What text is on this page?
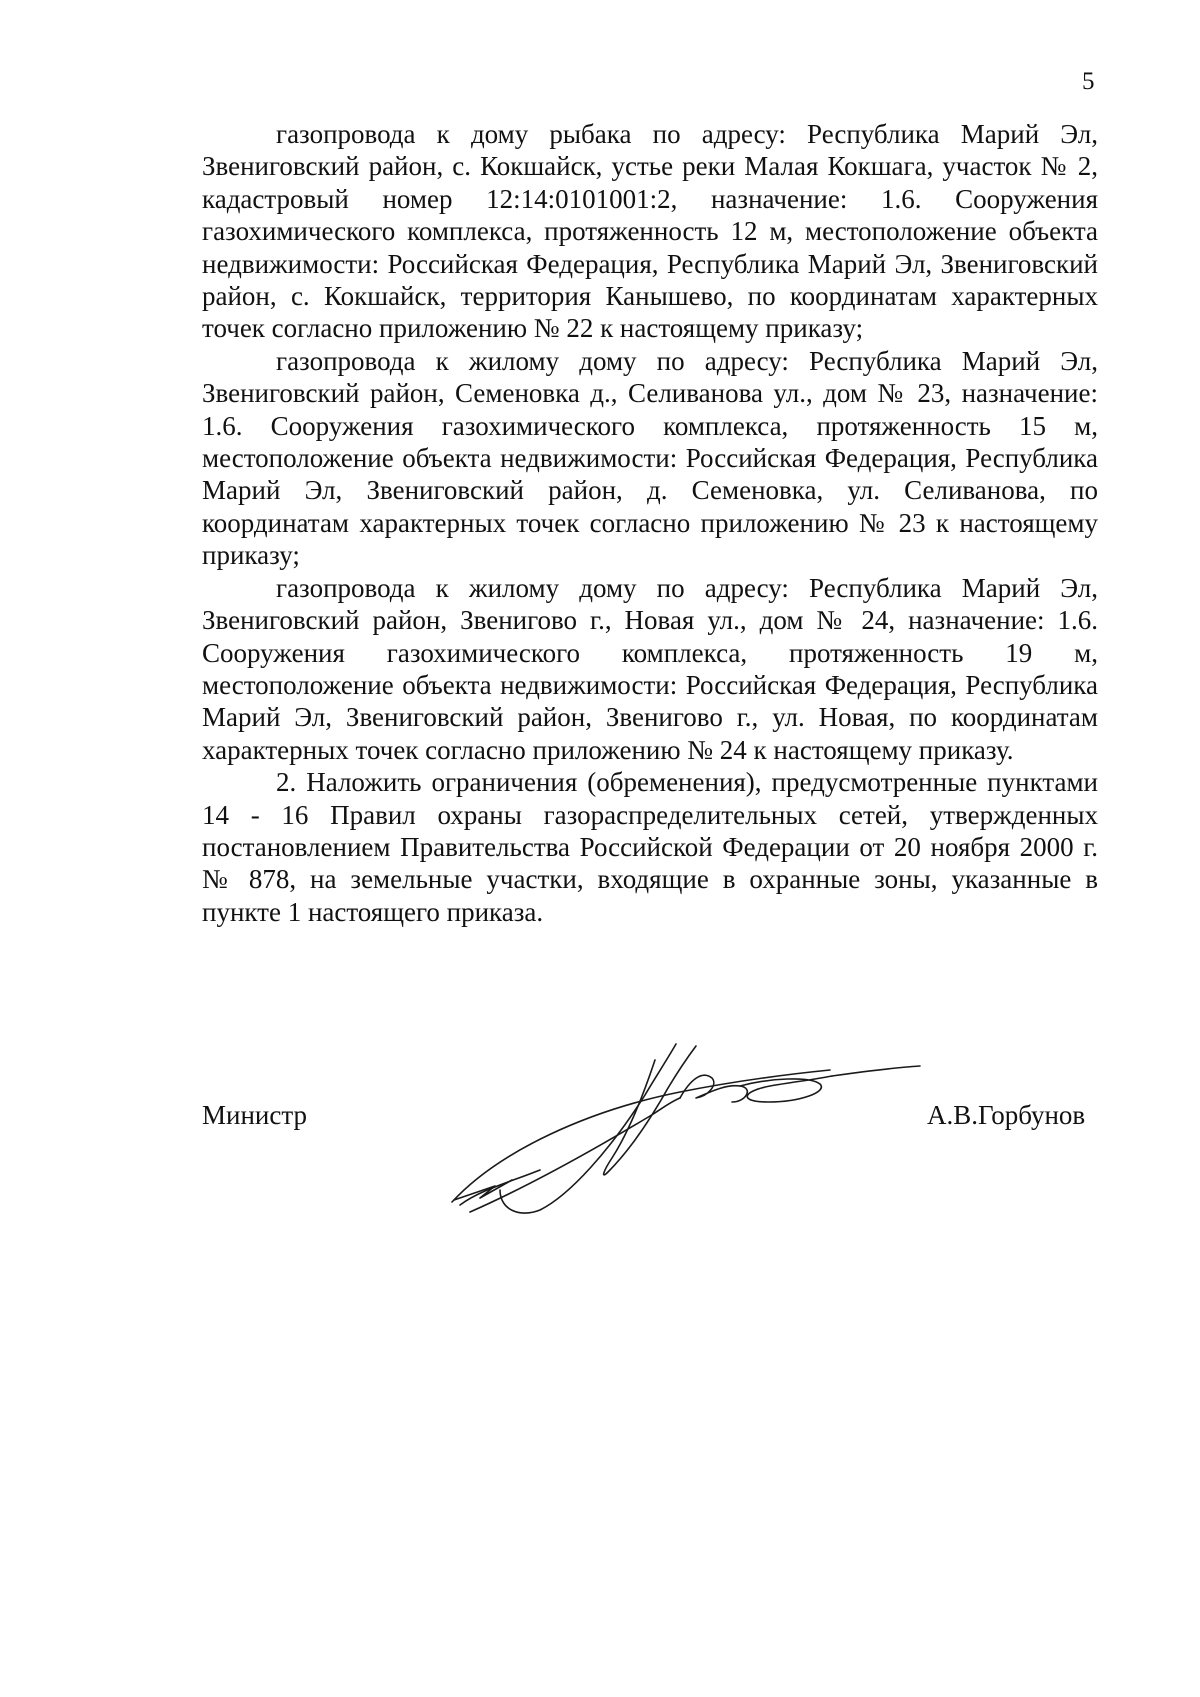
5

газопровода к дому рыбака по адресу: Республика Марий Эл, Звениговский район, с. Кокшайск, устье реки Малая Кокшага, участок № 2, кадастровый номер 12:14:0101001:2, назначение: 1.6. Сооружения газохимического комплекса, протяженность 12 м, местоположение объекта недвижимости: Российская Федерация, Республика Марий Эл, Звениговский район, с. Кокшайск, территория Канышево, по координатам характерных точек согласно приложению № 22 к настоящему приказу;

газопровода к жилому дому по адресу: Республика Марий Эл, Звениговский район, Семеновка д., Селиванова ул., дом № 23, назначение: 1.6. Сооружения газохимического комплекса, протяженность 15 м, местоположение объекта недвижимости: Российская Федерация, Республика Марий Эл, Звениговский район, д. Семеновка, ул. Селиванова, по координатам характерных точек согласно приложению № 23 к настоящему приказу;

газопровода к жилому дому по адресу: Республика Марий Эл, Звениговский район, Звенигово г., Новая ул., дом № 24, назначение: 1.6. Сооружения газохимического комплекса, протяженность 19 м, местоположение объекта недвижимости: Российская Федерация, Республика Марий Эл, Звениговский район, Звенигово г., ул. Новая, по координатам характерных точек согласно приложению № 24 к настоящему приказу.

2. Наложить ограничения (обременения), предусмотренные пунктами 14 - 16 Правил охраны газораспределительных сетей, утвержденных постановлением Правительства Российской Федерации от 20 ноября 2000 г. № 878, на земельные участки, входящие в охранные зоны, указанные в пункте 1 настоящего приказа.

Министр	А.В.Горбунов
